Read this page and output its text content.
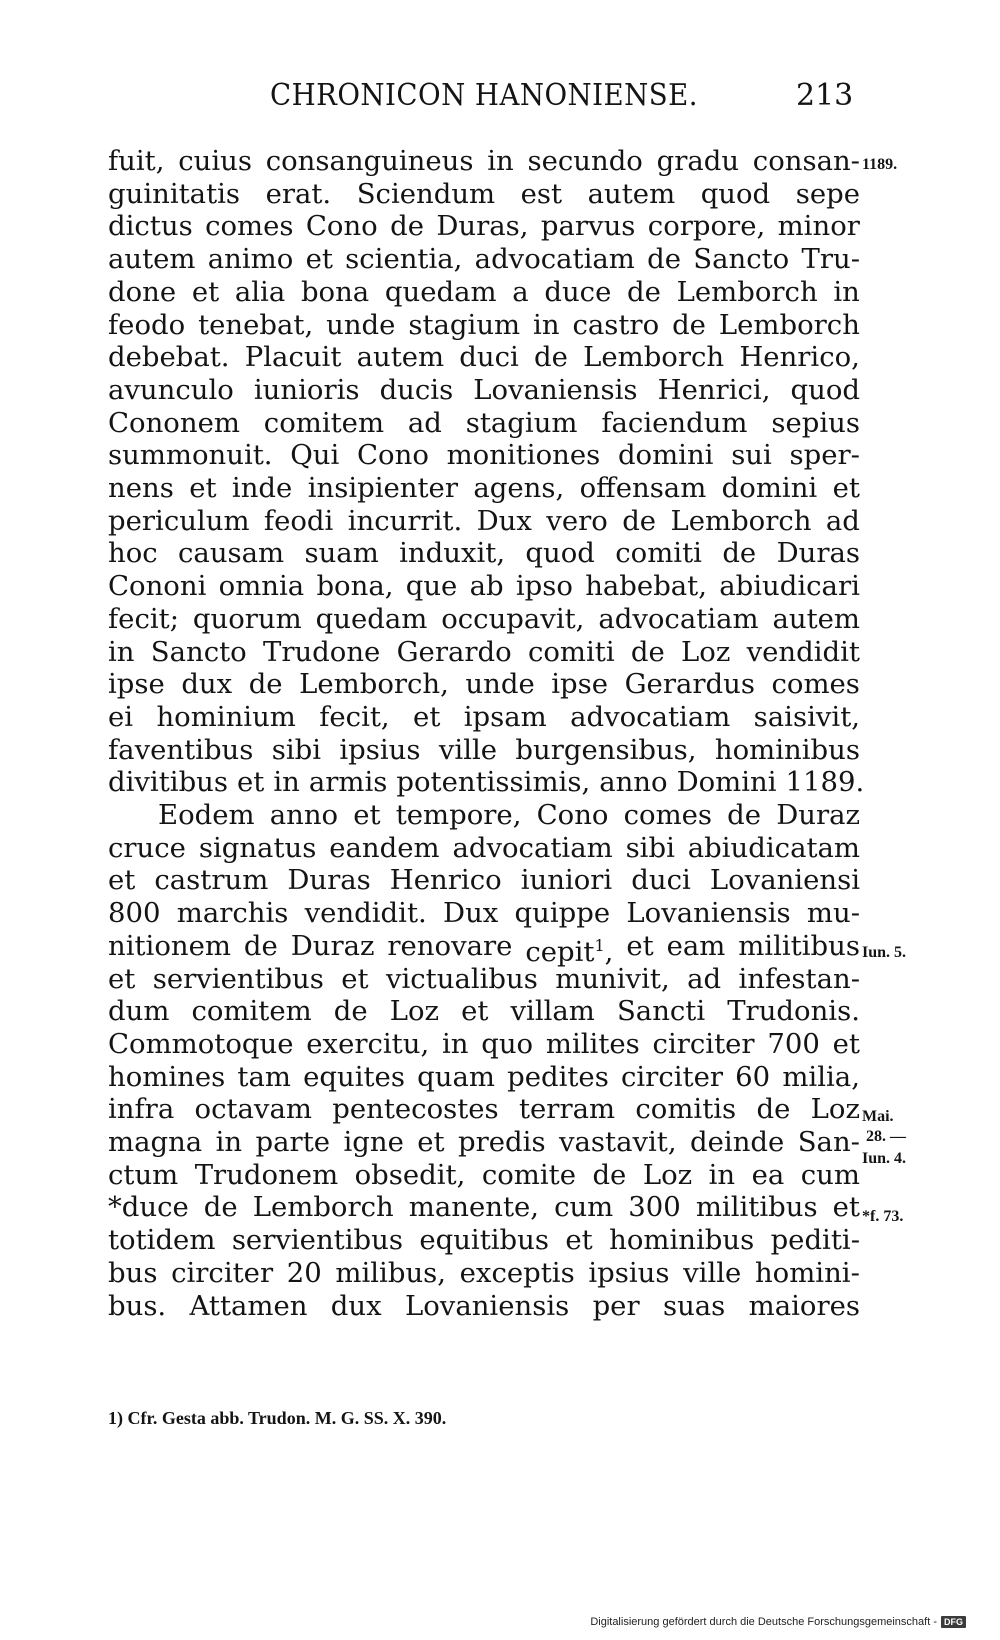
CHRONICON HANONIENSE.	213
fuit, cuius consanguineus in secundo gradu consan-
guinitatis erat. Sciendum est autem quod sepe
dictus comes Cono de Duras, parvus corpore, minor
autem animo et scientia, advocatiam de Sancto Tru-
done et alia bona quedam a duce de Lemborch in
feodo tenebat, unde stagium in castro de Lemborch
debebat. Placuit autem duci de Lemborch Henrico,
avunculo iunioris ducis Lovaniensis Henrici, quod
Cononem comitem ad stagium faciendum sepius
summonuit. Qui Cono monitiones domini sui sper-
nens et inde insipienter agens, offensam domini et
periculum feodi incurrit. Dux vero de Lemborch ad
hoc causam suam induxit, quod comiti de Duras
Cononi omnia bona, que ab ipso habebat, abiudicari
fecit; quorum quedam occupavit, advocatiam autem
in Sancto Trudone Gerardo comiti de Loz vendidit
ipse dux de Lemborch, unde ipse Gerardus comes
ei hominium fecit, et ipsam advocatiam saisivit,
faventibus sibi ipsius ville burgensibus, hominibus
divitibus et in armis potentissimis, anno Domini 1189.
Eodem anno et tempore, Cono comes de Duraz
cruce signatus eandem advocatiam sibi abiudicatam
et castrum Duras Henrico iuniori duci Lovaniensi
800 marchis vendidit. Dux quippe Lovaniensis mu-
nitionem de Duraz renovare cepit$^1$, et eam militibus
et servientibus et victualibus munivit, ad infestan-
dum comitem de Loz et villam Sancti Trudonis.
Commotoque exercitu, in quo milites circiter 700 et
homines tam equites quam pedites circiter 60 milia,
infra octavam pentecostes terram comitis de Loz
magna in parte igne et predis vastavit, deinde San-
ctum Trudonem obsedit, comite de Loz in ea cum
*duce de Lemborch manente, cum 300 militibus et
totidem servientibus equitibus et hominibus pediti-
bus circiter 20 milibus, exceptis ipsius ville homini-
bus. Attamen dux Lovaniensis per suas maiores
1189.
Iun. 5.
Mai.
28. —
Iun. 4.
*f. 73.
1) Cfr. Gesta abb. Trudon. M. G. SS. X. 390.
Digitalisierung gefördert durch die Deutsche Forschungsgemeinschaft - DFG
